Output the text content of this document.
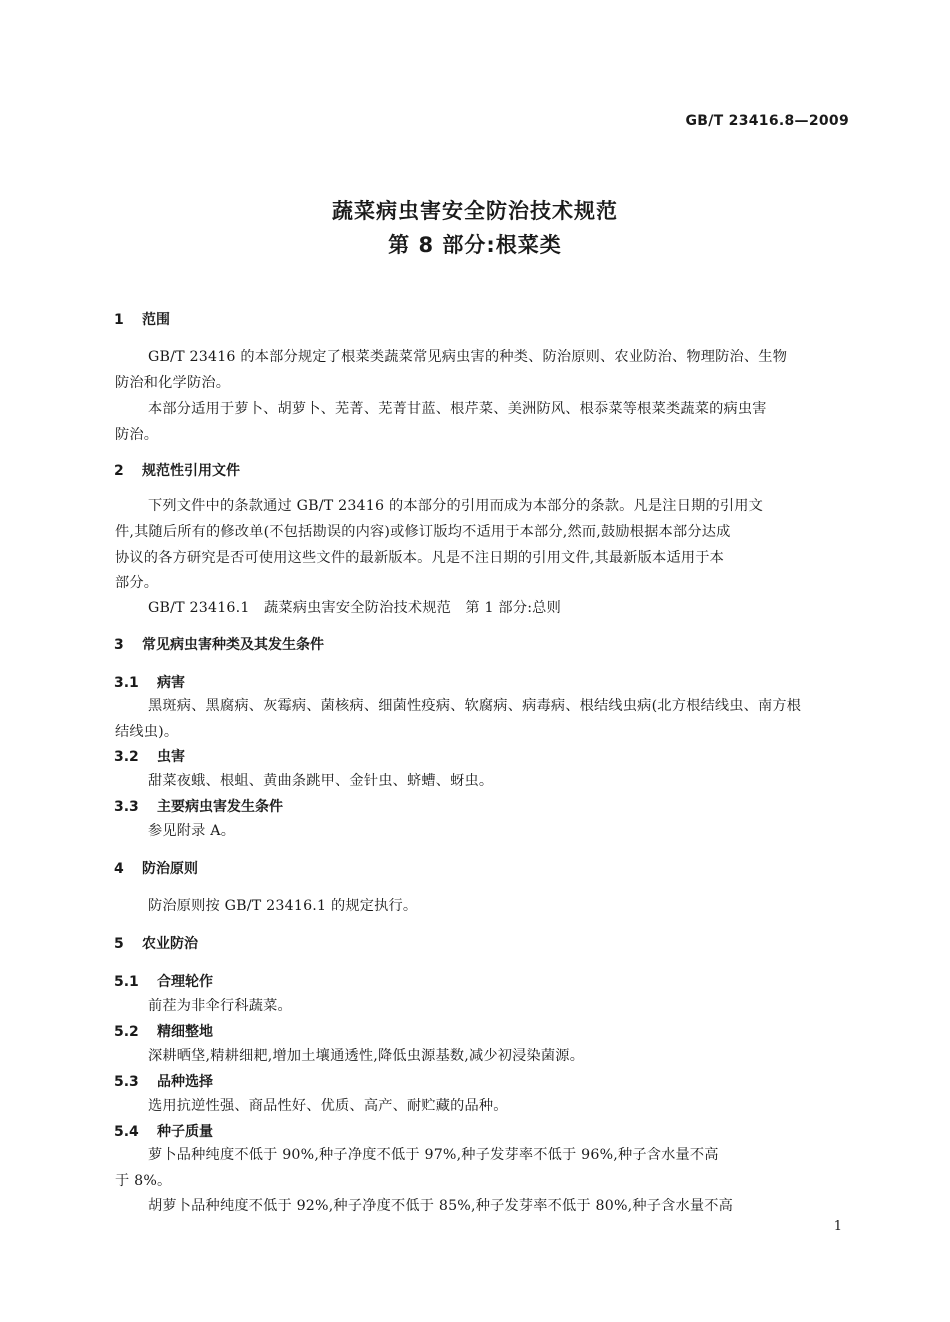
GB/T 23416.8—2009
蔬菜病虫害安全防治技术规范
第 8 部分:根菜类
1 范围
GB/T 23416 的本部分规定了根菜类蔬菜常见病虫害的种类、防治原则、农业防治、物理防治、生物
防治和化学防治。
本部分适用于萝卜、胡萝卜、芜菁、芜菁甘蓝、根芹菜、美洲防风、根忝菜等根菜类蔬菜的病虫害
防治。
2 规范性引用文件
下列文件中的条款通过 GB/T 23416 的本部分的引用而成为本部分的条款。凡是注日期的引用文
件,其随后所有的修改单(不包括勘误的内容)或修订版均不适用于本部分,然而,鼓励根据本部分达成
协议的各方研究是否可使用这些文件的最新版本。凡是不注日期的引用文件,其最新版本适用于本
部分。
GB/T 23416.1　蔬菜病虫害安全防治技术规范　第 1 部分:总则
3 常见病虫害种类及其发生条件
3.1 病害
黑斑病、黑腐病、灰霉病、菌核病、细菌性疫病、软腐病、病毒病、根结线虫病(北方根结线虫、南方根
结线虫)。
3.2 虫害
甜菜夜蛾、根蛆、黄曲条跳甲、金针虫、蛴螬、蚜虫。
3.3 主要病虫害发生条件
参见附录 A。
4 防治原则
防治原则按 GB/T 23416.1 的规定执行。
5 农业防治
5.1 合理轮作
前茬为非伞行科蔬菜。
5.2 精细整地
深耕晒垡,精耕细耙,增加土壤通透性,降低虫源基数,减少初浸染菌源。
5.3 品种选择
选用抗逆性强、商品性好、优质、高产、耐贮藏的品种。
5.4 种子质量
萝卜品种纯度不低于 90%,种子净度不低于 97%,种子发芽率不低于 96%,种子含水量不高
于 8%。
胡萝卜品种纯度不低于 92%,种子净度不低于 85%,种子发芽率不低于 80%,种子含水量不高
1
